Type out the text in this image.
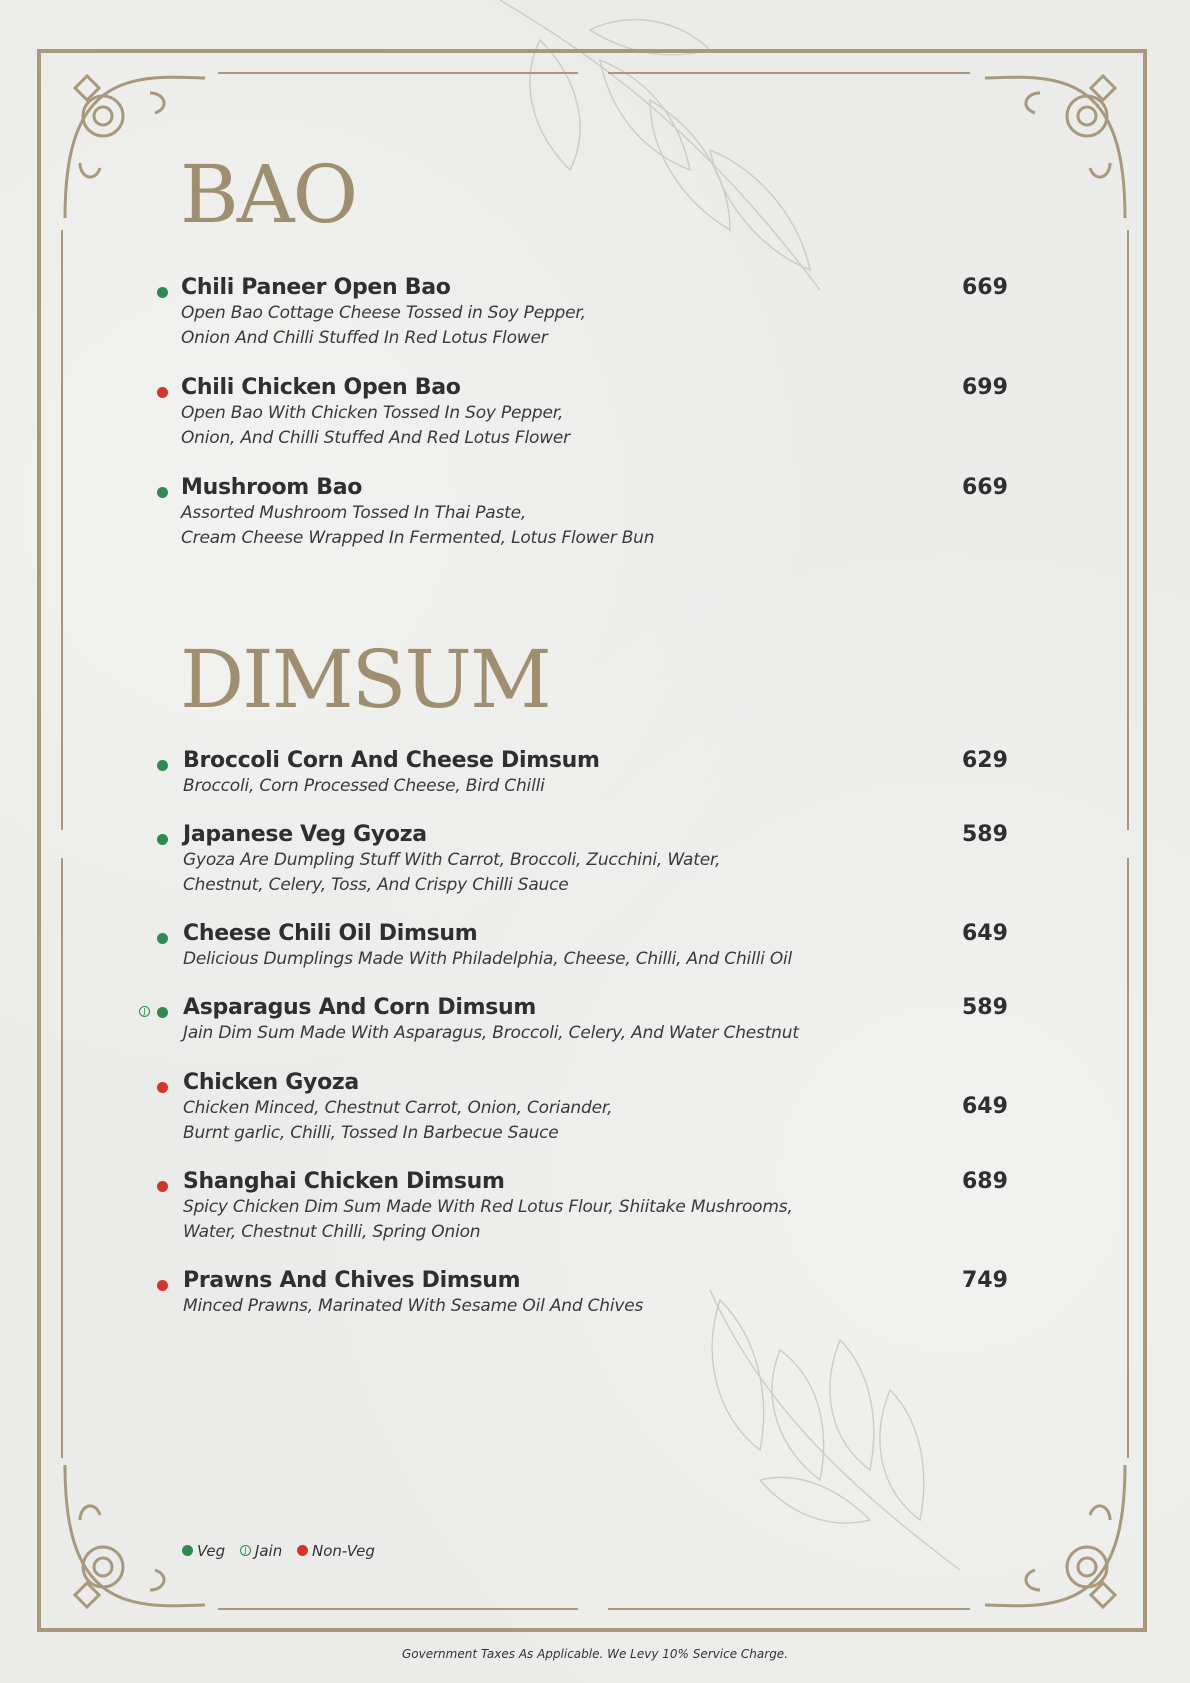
BAO
Chili Paneer Open Bao
Open Bao Cottage Cheese Tossed in Soy Pepper,
Onion And Chilli Stuffed In Red Lotus Flower
669
Chili Chicken Open Bao
Open Bao With Chicken Tossed In Soy Pepper,
Onion, And Chilli Stuffed And Red Lotus Flower
699
Mushroom Bao
Assorted Mushroom Tossed In Thai Paste,
Cream Cheese Wrapped In Fermented, Lotus Flower Bun
669
DIMSUM
Broccoli Corn And Cheese Dimsum
Broccoli, Corn Processed Cheese, Bird Chilli
629
Japanese Veg Gyoza
Gyoza Are Dumpling Stuff With Carrot, Broccoli, Zucchini, Water,
Chestnut, Celery, Toss, And Crispy Chilli Sauce
589
Cheese Chili Oil Dimsum
Delicious Dumplings Made With Philadelphia, Cheese, Chilli, And Chilli Oil
649
J Asparagus And Corn Dimsum
Jain Dim Sum Made With Asparagus, Broccoli, Celery, And Water Chestnut
589
Chicken Gyoza
Chicken Minced, Chestnut Carrot, Onion, Coriander,
Burnt garlic, Chilli, Tossed In Barbecue Sauce
649
Shanghai Chicken Dimsum
Spicy Chicken Dim Sum Made With Red Lotus Flour, Shiitake Mushrooms,
Water, Chestnut Chilli, Spring Onion
689
Prawns And Chives Dimsum
Minced Prawns, Marinated With Sesame Oil And Chives
749
Veg J Jain Non-Veg
Government Taxes As Applicable. We Levy 10% Service Charge.
